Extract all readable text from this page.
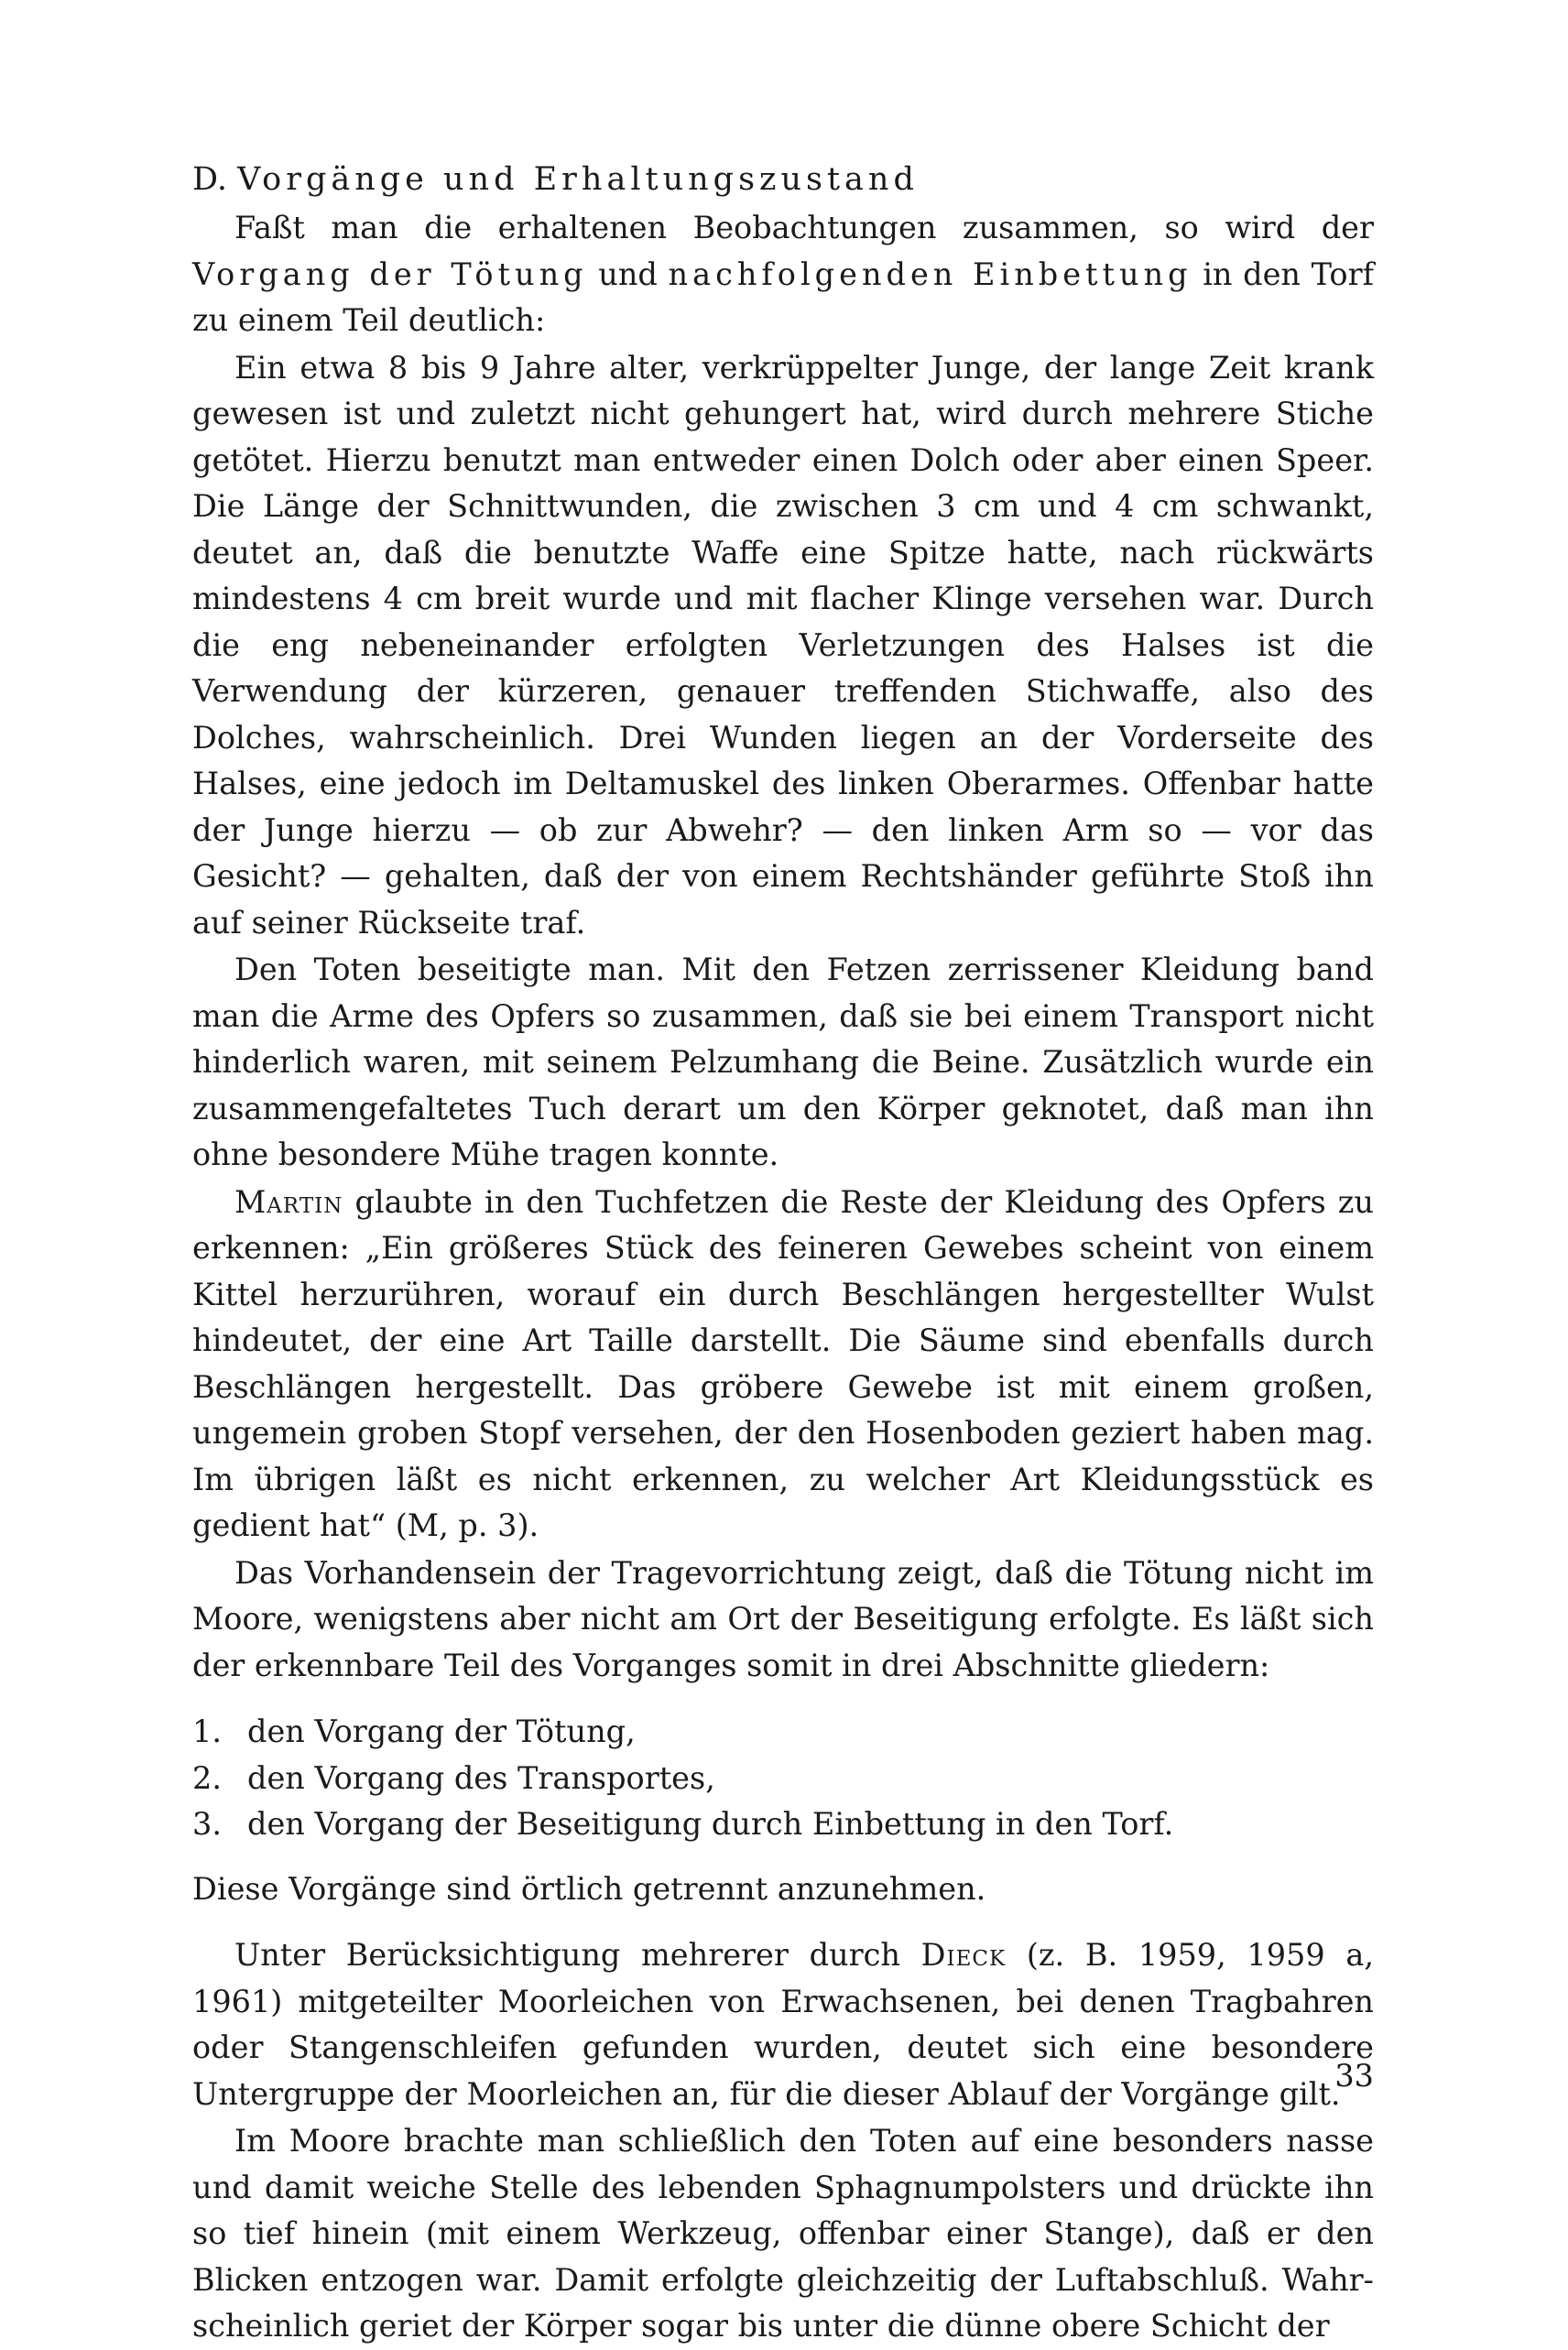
D. Vorgänge und Erhaltungszustand

Faßt man die erhaltenen Beobachtungen zusammen, so wird der Vorgang der Tötung und nachfolgenden Einbettung in den Torf zu einem Teil deutlich:

Ein etwa 8 bis 9 Jahre alter, verkrüppelter Junge, der lange Zeit krank gewesen ist und zuletzt nicht gehungert hat, wird durch mehrere Stiche getötet. Hierzu benutzt man entweder einen Dolch oder aber einen Speer. Die Länge der Schnittwunden, die zwischen 3 cm und 4 cm schwankt, deutet an, daß die benutzte Waffe eine Spitze hatte, nach rückwärts mindestens 4 cm breit wurde und mit flacher Klinge versehen war. Durch die eng nebeneinander erfolgten Verletzungen des Halses ist die Verwendung der kürzeren, genauer treffenden Stichwaffe, also des Dolches, wahrscheinlich. Drei Wunden liegen an der Vorderseite des Halses, eine jedoch im Deltamuskel des linken Oberarmes. Offenbar hatte der Junge hierzu — ob zur Abwehr? — den linken Arm so — vor das Gesicht? — gehalten, daß der von einem Rechtshänder geführte Stoß ihn auf seiner Rückseite traf.

Den Toten beseitigte man. Mit den Fetzen zerrissener Kleidung band man die Arme des Opfers so zusammen, daß sie bei einem Transport nicht hinderlich waren, mit seinem Pelzumhang die Beine. Zusätzlich wurde ein zusammengefaltetes Tuch derart um den Körper geknotet, daß man ihn ohne besondere Mühe tragen konnte.

Martin glaubte in den Tuchfetzen die Reste der Kleidung des Opfers zu erkennen: „Ein größeres Stück des feineren Gewebes scheint von einem Kittel herzurühren, worauf ein durch Beschlängen hergestellter Wulst hindeutet, der eine Art Taille darstellt. Die Säume sind ebenfalls durch Beschlängen hergestellt. Das gröbere Gewebe ist mit einem großen, ungemein groben Stopf versehen, der den Hosenboden geziert haben mag. Im übrigen läßt es nicht erkennen, zu welcher Art Kleidungsstück es gedient hat“ (M, p. 3).

Das Vorhandensein der Tragevorrichtung zeigt, daß die Tötung nicht im Moore, wenigstens aber nicht am Ort der Beseitigung erfolgte. Es läßt sich der erkennbare Teil des Vorganges somit in drei Abschnitte gliedern:

1. den Vorgang der Tötung,
2. den Vorgang des Transportes,
3. den Vorgang der Beseitigung durch Einbettung in den Torf.

Diese Vorgänge sind örtlich getrennt anzunehmen.

Unter Berücksichtigung mehrerer durch Dieck (z. B. 1959, 1959 a, 1961) mitgeteilter Moorleichen von Erwachsenen, bei denen Tragbahren oder Stangenschleifen gefunden wurden, deutet sich eine besondere Untergruppe der Moorleichen an, für die dieser Ablauf der Vorgänge gilt.

Im Moore brachte man schließlich den Toten auf eine besonders nasse und damit weiche Stelle des lebenden Sphagnumpolsters und drückte ihn so tief hinein (mit einem Werkzeug, offenbar einer Stange), daß er den Blicken entzogen war. Damit erfolgte gleichzeitig der Luftabschluß. Wahrscheinlich geriet der Körper sogar bis unter die dünne obere Schicht der

33
